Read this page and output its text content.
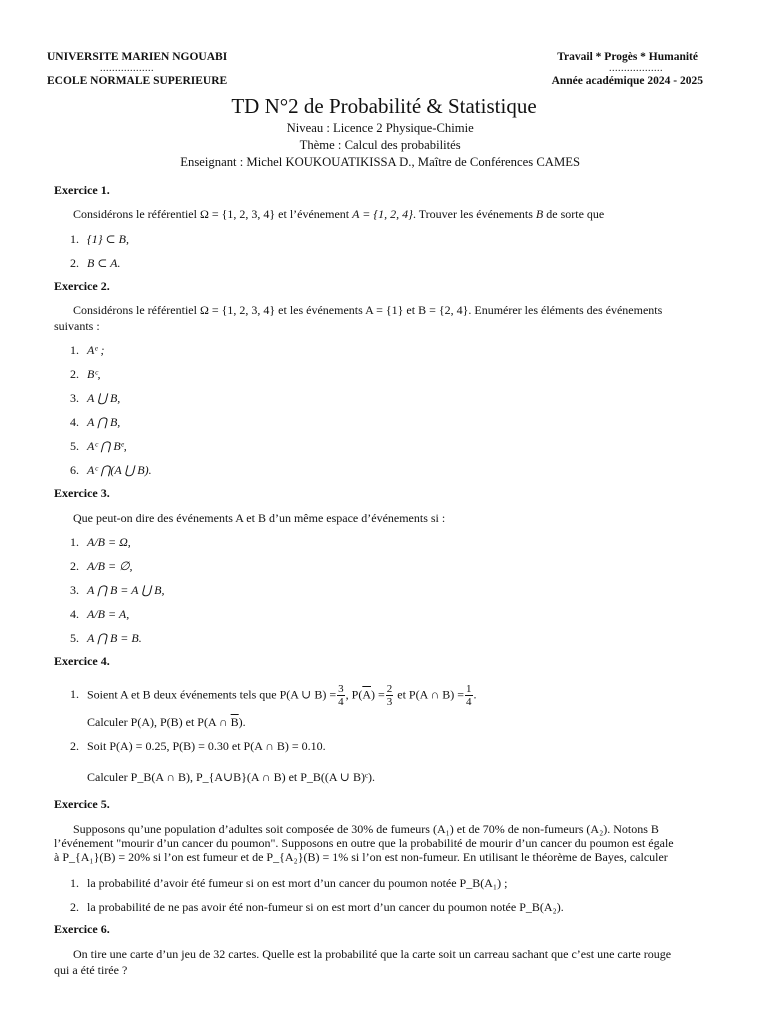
UNIVERSITE MARIEN NGOUABI
..................
ECOLE NORMALE SUPERIEURE
Travail * Progès * Humanité
..................
Année académique 2024 - 2025
TD N°2 de Probabilité & Statistique
Niveau : Licence 2 Physique-Chimie
Thème : Calcul des probabilités
Enseignant : Michel KOUKOUATIKISSA D., Maître de Conférences CAMES
Exercice 1.
Considérons le référentiel Ω = {1, 2, 3, 4} et l’événement A = {1, 2, 4}. Trouver les événements B de sorte que
1. {1} ⊂ B,
2. B ⊂ A.
Exercice 2.
Considérons le référentiel Ω = {1, 2, 3, 4} et les événements A = {1} et B = {2, 4}. Enumérer les éléments des événements
suivants :
1. Aᵉ ;
2. Bᶜ,
3. A ⋃ B,
4. A ⋂ B,
5. Aᶜ ⋂ Bᵉ,
6. Aᶜ ⋂(A ⋃ B).
Exercice 3.
Que peut-on dire des événements A et B d’un même espace d’événements si :
1. A/B = Ω,
2. A/B = ∅,
3. A ⋂ B = A ⋃ B,
4. A/B = A,
5. A ⋂ B = B.
Exercice 4.
1. Soient A et B deux événements tels que P(A ∪ $B) = \frac{3}{4}$ , $P(\overline{A}) = \frac{2}{3}$ et P(A ∩ $B) = \frac{1}{4}$ .
Calculer P(A), P(B) et P(A ∩ $\overline{B}$).
2. Soit P(A) = 0.25, P(B) = 0.30 et P(A ∩ B) = 0.10.
Calculer P_B(A ∩ B), P_{A∪B}(A ∩ B) et P_B((A ∪ B)ᶜ).
Exercice 5.
Supposons qu’une population d’adultes soit composée de 30% de fumeurs (A₁) et de 70% de non-fumeurs (A₂). Notons B
l’événement "mourir d’un cancer du poumon". Supposons en outre que la probabilité de mourir d’un cancer du poumon est égale
à P_{A₁}(B) = 20% si l’on est fumeur et de P_{A₂}(B) = 1% si l’on est non-fumeur. En utilisant le théorème de Bayes, calculer
1. la probabilité d’avoir été fumeur si on est mort d’un cancer du poumon notée P_B(A₁) ;
2. la probabilité de ne pas avoir été non-fumeur si on est mort d’un cancer du poumon notée P_B(A₂).
Exercice 6.
On tire une carte d’un jeu de 32 cartes. Quelle est la probabilité que la carte soit un carreau sachant que c’est une carte rouge
qui a été tirée ?
